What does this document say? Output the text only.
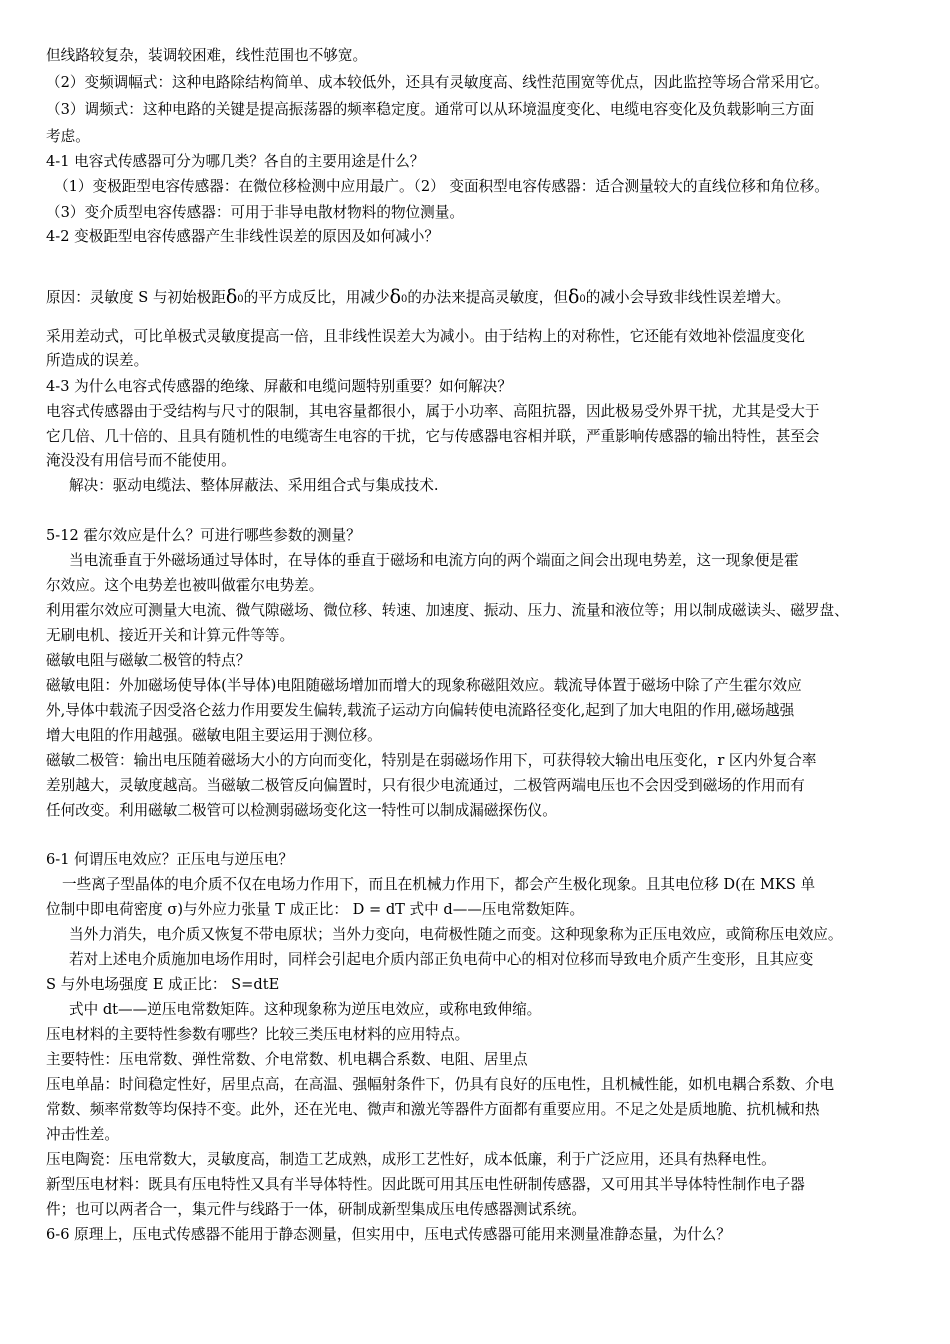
但线路较复杂，装调较困难，线性范围也不够宽。
（2）变频调幅式：这种电路除结构简单、成本较低外，还具有灵敏度高、线性范围宽等优点，因此监控等场合常采用它。
（3）调频式：这种电路的关键是提高振荡器的频率稳定度。通常可以从环境温度变化、电缆电容变化及负载影响三方面
考虑。
4-1 电容式传感器可分为哪几类？各自的主要用途是什么？
（1）变极距型电容传感器：在微位移检测中应用最广。（2） 变面积型电容传感器：适合测量较大的直线位移和角位移。
（3）变介质型电容传感器：可用于非导电散材物料的物位测量。
4-2 变极距型电容传感器产生非线性误差的原因及如何减小？
原因：灵敏度 S 与初始极距δ0的平方成反比，用减少δ0的办法来提高灵敏度，但δ0的减小会导致非线性误差增大。
采用差动式，可比单极式灵敏度提高一倍，且非线性误差大为减小。由于结构上的对称性，它还能有效地补偿温度变化
所造成的误差。
4-3 为什么电容式传感器的绝缘、屏蔽和电缆问题特别重要？如何解决？
电容式传感器由于受结构与尺寸的限制，其电容量都很小，属于小功率、高阻抗器，因此极易受外界干扰，尤其是受大于
它几倍、几十倍的、且具有随机性的电缆寄生电容的干扰，它与传感器电容相并联，严重影响传感器的输出特性，甚至会
淹没没有用信号而不能使用。
解决：驱动电缆法、整体屏蔽法、采用组合式与集成技术.
5-12 霍尔效应是什么？可进行哪些参数的测量？
当电流垂直于外磁场通过导体时，在导体的垂直于磁场和电流方向的两个端面之间会出现电势差，这一现象便是霍
尔效应。这个电势差也被叫做霍尔电势差。
利用霍尔效应可测量大电流、微气隙磁场、微位移、转速、加速度、振动、压力、流量和液位等；用以制成磁读头、磁罗盘、
无刷电机、接近开关和计算元件等等。
磁敏电阻与磁敏二极管的特点？
磁敏电阻：外加磁场使导体(半导体)电阻随磁场增加而增大的现象称磁阻效应。载流导体置于磁场中除了产生霍尔效应
外,导体中载流子因受洛仑兹力作用要发生偏转,载流子运动方向偏转使电流路径变化,起到了加大电阻的作用,磁场越强
增大电阻的作用越强。磁敏电阻主要运用于测位移。
磁敏二极管：输出电压随着磁场大小的方向而变化，特别是在弱磁场作用下，可获得较大输出电压变化，r 区内外复合率
差别越大，灵敏度越高。当磁敏二极管反向偏置时，只有很少电流通过，二极管两端电压也不会因受到磁场的作用而有
任何改变。利用磁敏二极管可以检测弱磁场变化这一特性可以制成漏磁探伤仪。
6-1 何谓压电效应？正压电与逆压电？
一些离子型晶体的电介质不仅在电场力作用下，而且在机械力作用下，都会产生极化现象。且其电位移 D(在 MKS 单
位制中即电荷密度 σ)与外应力张量 T 成正比： D = dT 式中 d——压电常数矩阵。
当外力消失，电介质又恢复不带电原状；当外力变向，电荷极性随之而变。这种现象称为正压电效应，或简称压电效应。
若对上述电介质施加电场作用时，同样会引起电介质内部正负电荷中心的相对位移而导致电介质产生变形，且其应变
S 与外电场强度 E 成正比： S=dtE
式中 dt——逆压电常数矩阵。这种现象称为逆压电效应，或称电致伸缩。
压电材料的主要特性参数有哪些？比较三类压电材料的应用特点。
主要特性：压电常数、弹性常数、介电常数、机电耦合系数、电阻、居里点
压电单晶：时间稳定性好，居里点高，在高温、强幅射条件下，仍具有良好的压电性，且机械性能，如机电耦合系数、介电
常数、频率常数等均保持不变。此外，还在光电、微声和激光等器件方面都有重要应用。不足之处是质地脆、抗机械和热
冲击性差。
压电陶瓷：压电常数大，灵敏度高，制造工艺成熟，成形工艺性好，成本低廉，利于广泛应用，还具有热释电性。
新型压电材料：既具有压电特性又具有半导体特性。因此既可用其压电性研制传感器，又可用其半导体特性制作电子器
件；也可以两者合一，集元件与线路于一体，研制成新型集成压电传感器测试系统。
6-6 原理上，压电式传感器不能用于静态测量，但实用中，压电式传感器可能用来测量准静态量，为什么？
